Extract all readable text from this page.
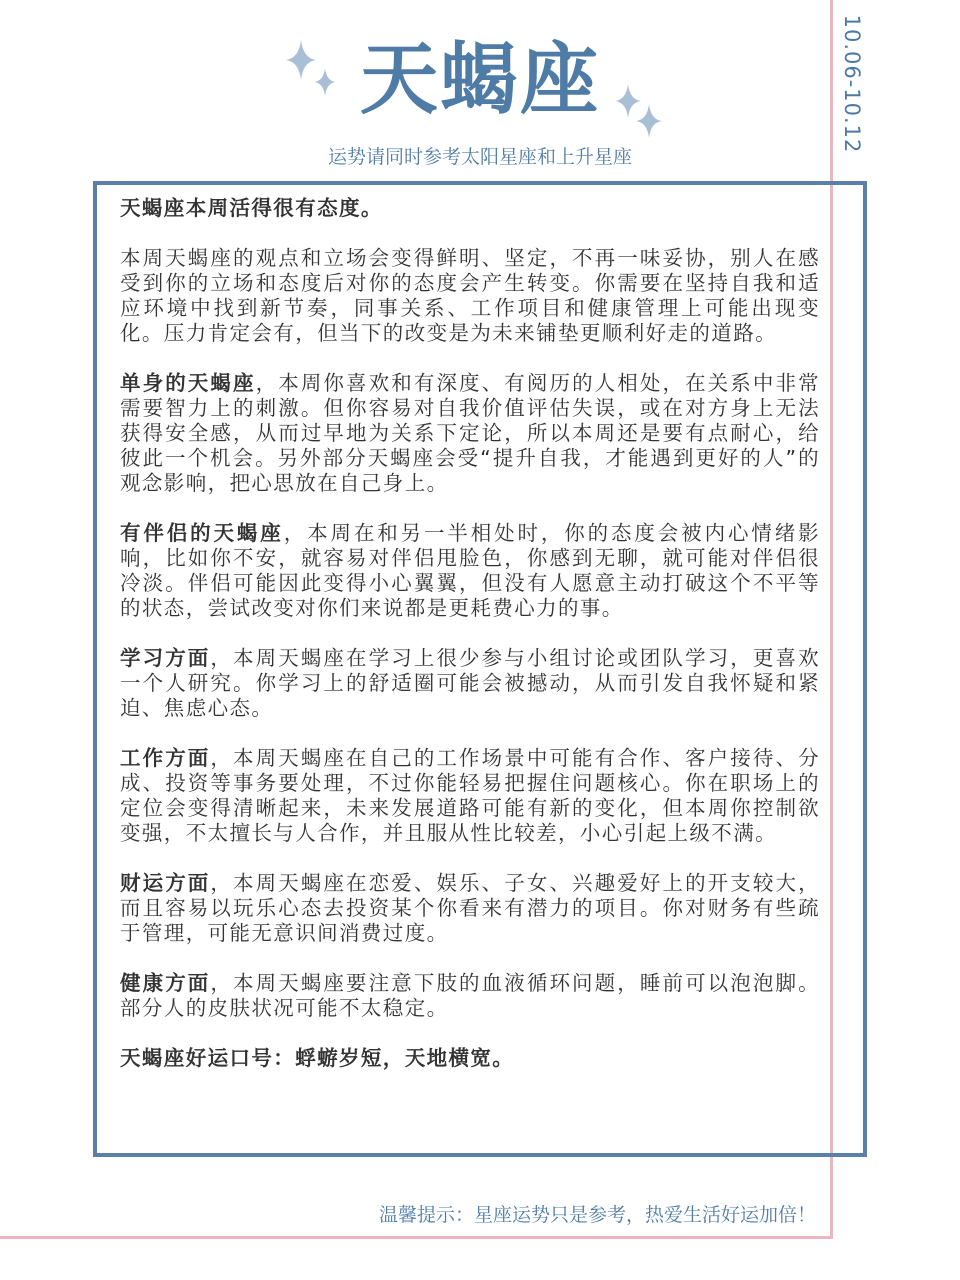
10.06-10.12
天蝎座
运势请同时参考太阳星座和上升星座

天蝎座本周活得很有态度。

本周天蝎座的观点和立场会变得鲜明、坚定，不再一味妥协，别人在感受到你的立场和态度后对你的态度会产生转变。你需要在坚持自我和适应环境中找到新节奏，同事关系、工作项目和健康管理上可能出现变化。压力肯定会有，但当下的改变是为未来铺垫更顺利好走的道路。

单身的天蝎座，本周你喜欢和有深度、有阅历的人相处，在关系中非常需要智力上的刺激。但你容易对自我价值评估失误，或在对方身上无法获得安全感，从而过早地为关系下定论，所以本周还是要有点耐心，给彼此一个机会。另外部分天蝎座会受“提升自我，才能遇到更好的人”的观念影响，把心思放在自己身上。

有伴侣的天蝎座，本周在和另一半相处时，你的态度会被内心情绪影响，比如你不安，就容易对伴侣甩脸色，你感到无聊，就可能对伴侣很冷淡。伴侣可能因此变得小心翼翼，但没有人愿意主动打破这个不平等的状态，尝试改变对你们来说都是更耗费心力的事。

学习方面，本周天蝎座在学习上很少参与小组讨论或团队学习，更喜欢一个人研究。你学习上的舒适圈可能会被撼动，从而引发自我怀疑和紧迫、焦虑心态。

工作方面，本周天蝎座在自己的工作场景中可能有合作、客户接待、分成、投资等事务要处理，不过你能轻易把握住问题核心。你在职场上的定位会变得清晰起来，未来发展道路可能有新的变化，但本周你控制欲变强，不太擅长与人合作，并且服从性比较差，小心引起上级不满。

财运方面，本周天蝎座在恋爱、娱乐、子女、兴趣爱好上的开支较大，而且容易以玩乐心态去投资某个你看来有潜力的项目。你对财务有些疏于管理，可能无意识间消费过度。

健康方面，本周天蝎座要注意下肢的血液循环问题，睡前可以泡泡脚。部分人的皮肤状况可能不太稳定。

天蝎座好运口号：蜉蝣岁短，天地横宽。

温馨提示：星座运势只是参考，热爱生活好运加倍！
